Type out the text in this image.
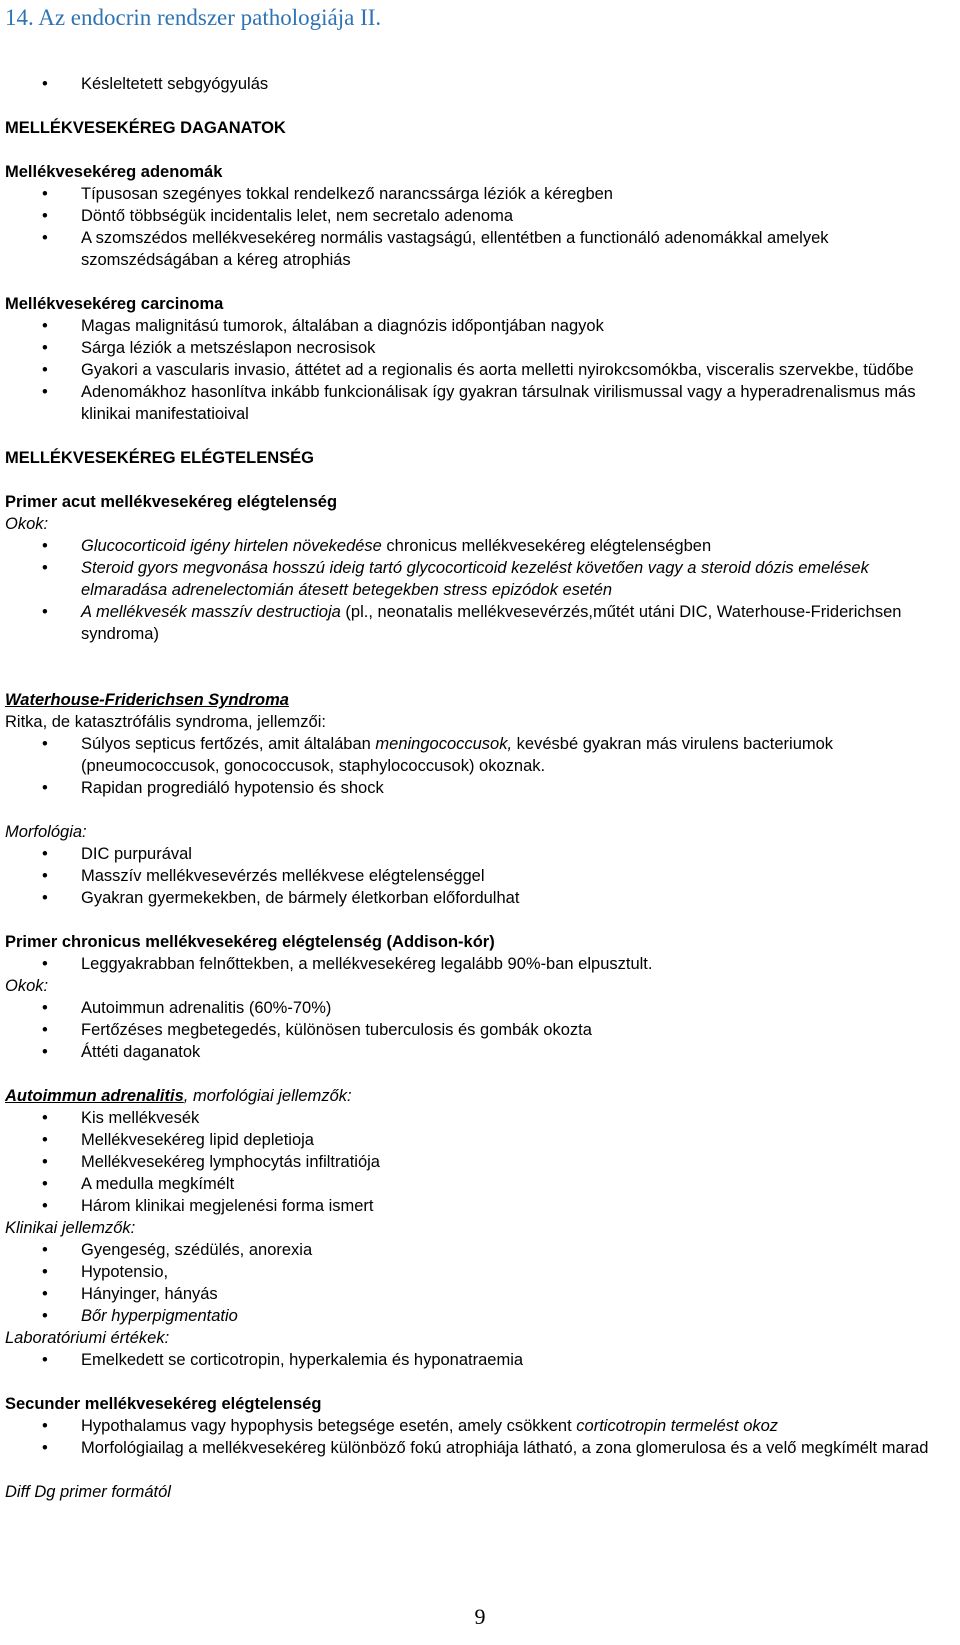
14. Az endocrin rendszer pathologiája II.
• Késleltetett sebgyógyulás

MELLÉKVESEKÉREG DAGANATOK

Mellékvesekéreg adenomák

• Típusosan szegényes tokkal rendelkező narancssárga léziók a kéregben
• Döntő többségük incidentalis lelet, nem secretalo adenoma
• A szomszédos mellékvesekéreg normális vastagságú, ellentétben a functionáló adenomákkal amelyek szomszédságában a kéreg atrophiás

Mellékvesekéreg carcinoma

• Magas malignitású tumorok, általában a diagnózis időpontjában nagyok
• Sárga léziók a metszéslapon necrosisok
• Gyakori a vascularis invasio, áttétet ad a regionalis és aorta melletti nyirokcsomókba, visceralis szervekbe, tüdőbe
• Adenomákhoz hasonlítva inkább funkcionálisak így gyakran társulnak virilismussal vagy a hyperadrenalismus más klinikai manifestatioival

MELLÉKVESEKÉREG ELÉGTELENSÉG

Primer acut mellékvesekéreg elégtelenség

Okok:

• Glucocorticoid igény hirtelen növekedése chronicus mellékvesekéreg elégtelenségben
• Steroid gyors megvonása hosszú ideig tartó glycocorticoid kezelést követően vagy a steroid dózis emelések elmaradása adrenelectomián átesett betegekben stress epizódok esetén
• A mellékvesék masszív destructioja (pl., neonatalis mellékvesevérzés,műtét utáni DIC, Waterhouse-Friderichsen syndroma)

Waterhouse-Friderichsen Syndroma

Ritka, de katasztrófális syndroma, jellemzői:

• Súlyos septicus fertőzés, amit általában meningococcusok, kevésbé gyakran más virulens bacteriumok (pneumococcusok, gonococcusok, staphylococcusok) okoznak.
• Rapidan progrediáló hypotensio és shock

Morfológia:

• DIC purpurával
• Masszív mellékvesevérzés mellékvese elégtelenséggel
• Gyakran gyermekekben, de bármely életkorban előfordulhat

Primer chronicus mellékvesekéreg elégtelenség (Addison-kór)

• Leggyakrabban felnőttekben, a mellékvesekéreg legalább 90%-ban elpusztult.

Okok:

• Autoimmun adrenalitis (60%-70%)
• Fertőzéses megbetegedés, különösen tuberculosis és gombák okozta
• Áttéti daganatok

Autoimmun adrenalitis, morfológiai jellemzők:

• Kis mellékvesék
• Mellékvesekéreg lipid depletioja
• Mellékvesekéreg lymphocytás infiltratiója
• A medulla megkímélt
• Három klinikai megjelenési forma ismert

Klinikai jellemzők:

• Gyengeség, szédülés, anorexia
• Hypotensio,
• Hányinger, hányás
• Bőr hyperpigmentatio

Laboratóriumi értékek:

• Emelkedett se corticotropin, hyperkalemia és hyponatraemia

Secunder mellékvesekéreg elégtelenség

• Hypothalamus vagy hypophysis betegsége esetén, amely csökkent corticotropin termelést okoz
• Morfológiailag a mellékvesekéreg különböző fokú atrophiája látható, a zona glomerulosa és a velő megkímélt marad

Diff Dg primer formától

9
